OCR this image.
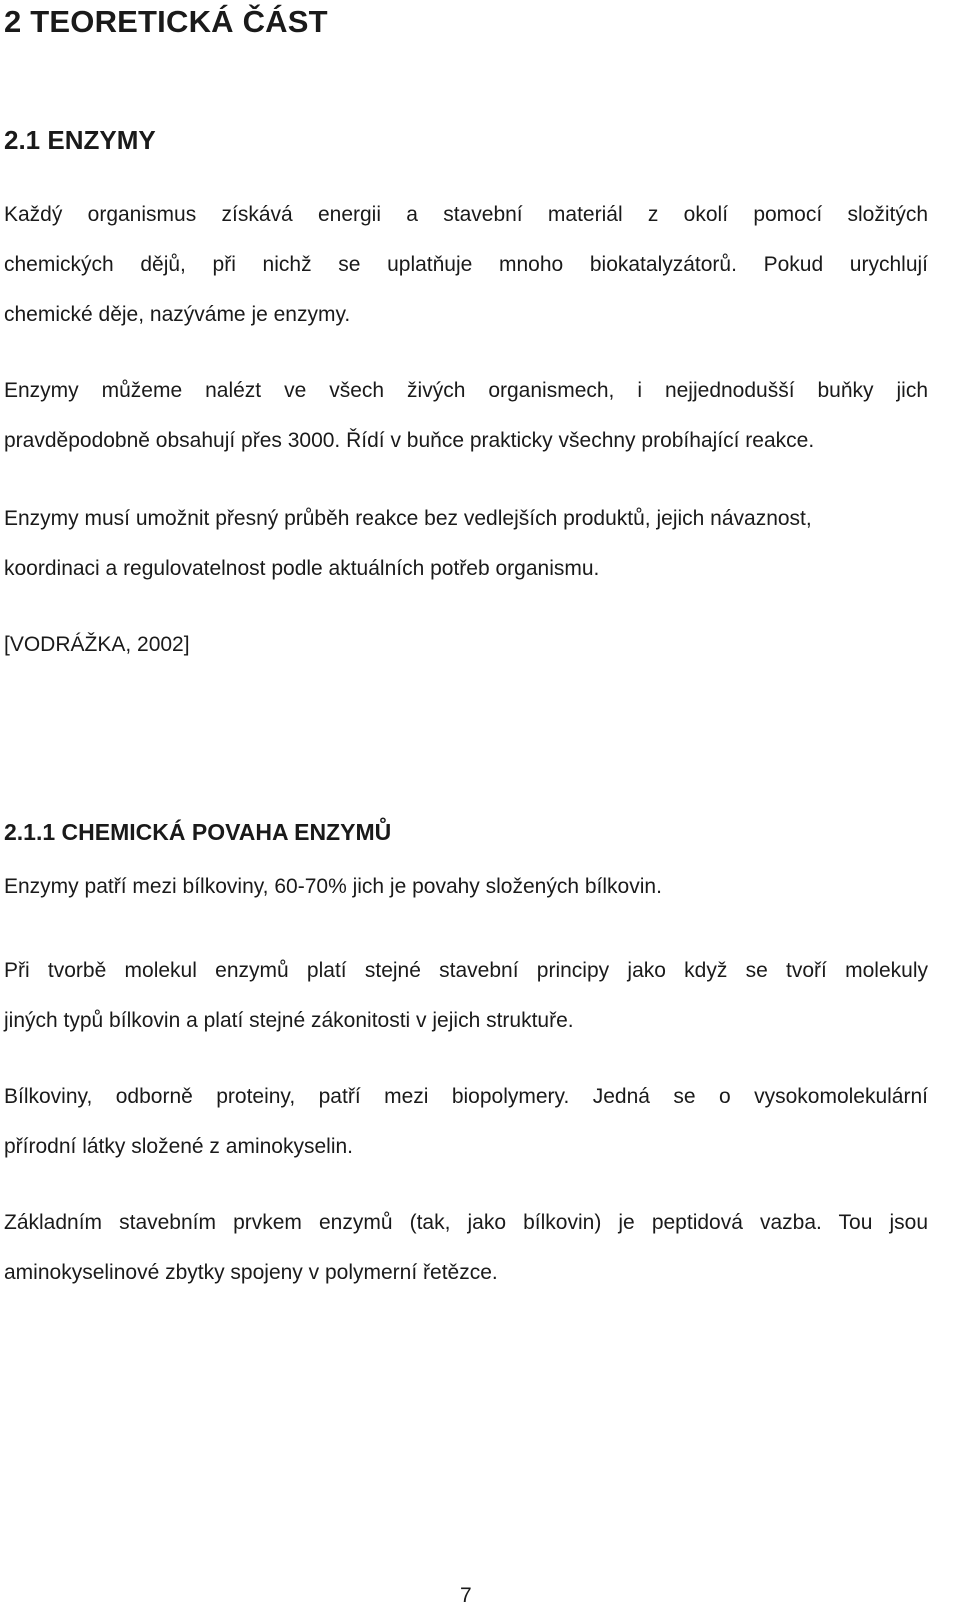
2 TEORETICKÁ ČÁST
2.1 ENZYMY
Každý organismus získává energii a stavební materiál z okolí pomocí složitých
chemických dějů, při nichž se uplatňuje mnoho biokatalyzátorů. Pokud urychlují
chemické děje, nazýváme je enzymy.
Enzymy můžeme nalézt ve všech živých organismech, i nejjednodušší buňky jich
pravděpodobně obsahují přes 3000. Řídí v buňce prakticky všechny probíhající reakce.
Enzymy musí umožnit přesný průběh reakce bez vedlejších produktů, jejich návaznost,
koordinaci a regulovatelnost podle aktuálních potřeb organismu.
[VODRÁŽKA, 2002]
2.1.1 CHEMICKÁ POVAHA ENZYMŮ
Enzymy patří mezi bílkoviny, 60-70% jich je povahy složených bílkovin.
Při tvorbě molekul enzymů platí stejné stavební principy jako když se tvoří molekuly
jiných typů bílkovin a platí stejné zákonitosti v jejich struktuře.
Bílkoviny, odborně proteiny, patří mezi biopolymery. Jedná se o vysokomolekulární
přírodní látky složené z aminokyselin.
Základním stavebním prvkem enzymů (tak, jako bílkovin) je peptidová vazba. Tou jsou
aminokyselinové zbytky spojeny v polymerní řetězce.
7
